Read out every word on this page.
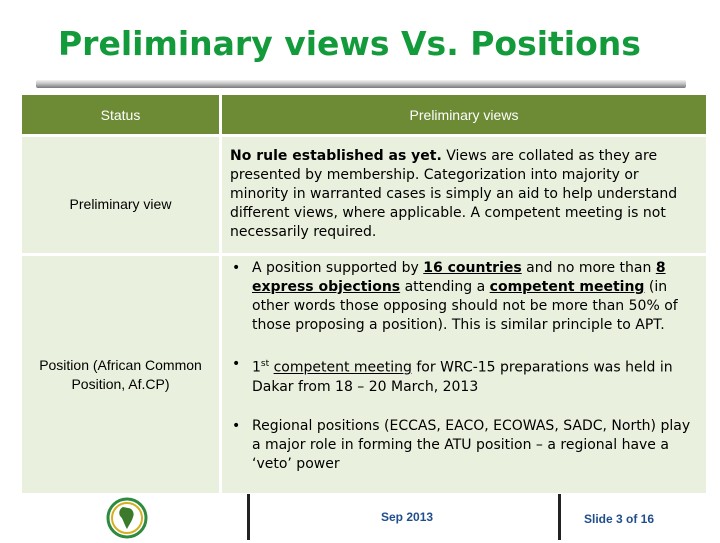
Preliminary views Vs. Positions
Status	Preliminary views
Preliminary view
No rule established as yet. Views are collated as they are presented by membership. Categorization into majority or minority in warranted cases is simply an aid to help understand different views, where applicable. A competent meeting is not necessarily required.
Position (African Common Position, Af.CP)
• A position supported by 16 countries and no more than 8 express objections attending a competent meeting (in other words those opposing should not be more than 50% of those proposing a position). This is similar principle to APT.
• 1st competent meeting for WRC-15 preparations was held in Dakar from 18 – 20 March, 2013
• Regional positions (ECCAS, EACO, ECOWAS, SADC, North) play a major role in forming the ATU position – a regional have a ‘veto’ power
Sep 2013	Slide 3 of 16
